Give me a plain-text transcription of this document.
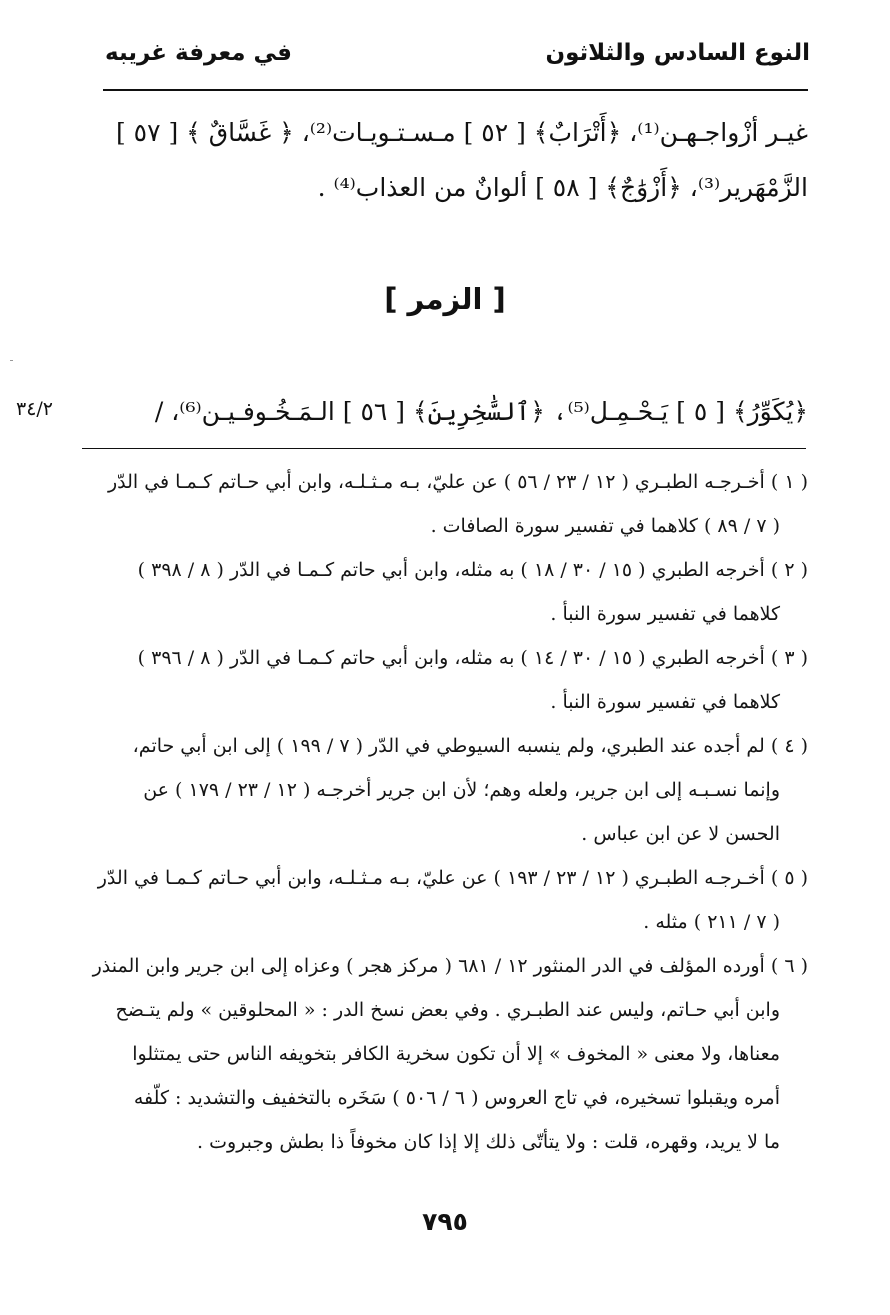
النوع السادس والثلاثون
في معرفة غريبه
غيـر أزْواجـهـن⁽¹⁾، ﴿أَتْرَابٌ﴾ [ ٥٢ ] مـسـتـويـات⁽²⁾، ﴿ غَسَّاقٌ ﴾ [ ٥٧ ]
الزَّمْهَرير⁽³⁾، ﴿أَزْوَٰجٌ﴾ [ ٥٨ ] ألوانٌ من العذاب⁽⁴⁾ .
[ الزمر ]
﴿يُكَوِّرُ﴾ [ ٥ ] يَـحْـمِـل⁽⁵⁾، ﴿ٱلسَّٰخِرِينَ﴾ [ ٥٦ ] الـمَـخُـوفـيـن⁽⁶⁾، /
٣٤/٢
( ١ ) أخـرجـه الطبـري ( ١٢ / ٢٣ / ٥٦ ) عن عليّ، بـه مـثـلـه، وابن أبي حـاتم كـمـا في الدّر
( ٧ / ٨٩ ) كلاهما في تفسير سورة الصافات .
( ٢ ) أخرجه الطبري ( ١٥ / ٣٠ / ١٨ ) به مثله، وابن أبي حاتم كـمـا في الدّر ( ٨ / ٣٩٨ )
كلاهما في تفسير سورة النبأ .
( ٣ ) أخرجه الطبري ( ١٥ / ٣٠ / ١٤ ) به مثله، وابن أبي حاتم كـمـا في الدّر ( ٨ / ٣٩٦ )
كلاهما في تفسير سورة النبأ .
( ٤ ) لم أجده عند الطبري، ولم ينسبه السيوطي في الدّر ( ٧ / ١٩٩ ) إلى ابن أبي حاتم،
وإنما نسـبـه إلى ابن جرير، ولعله وهم؛ لأن ابن جرير أخرجـه ( ١٢ / ٢٣ / ١٧٩ ) عن
الحسن لا عن ابن عباس .
( ٥ ) أخـرجـه الطبـري ( ١٢ / ٢٣ / ١٩٣ ) عن عليّ، بـه مـثـلـه، وابن أبي حـاتم كـمـا في الدّر
( ٧ / ٢١١ ) مثله .
( ٦ ) أورده المؤلف في الدر المنثور ١٢ / ٦٨١ ( مركز هجر ) وعزاه إلى ابن جرير وابن المنذر
وابن أبي حـاتم، وليس عند الطبـري . وفي بعض نسخ الدر : « المحلوقين » ولم يتـضح
معناها، ولا معنى « المخوف » إلا أن تكون سخرية الكافر بتخويفه الناس حتى يمتثلوا
أمره ويقبلوا تسخيره، في تاج العروس ( ٦ / ٥٠٦ ) سَخَره بالتخفيف والتشديد : كلّفه
ما لا يريد، وقهره، قلت : ولا يتأتّى ذلك إلا إذا كان مخوفاً ذا بطش وجبروت .
٧٩٥
